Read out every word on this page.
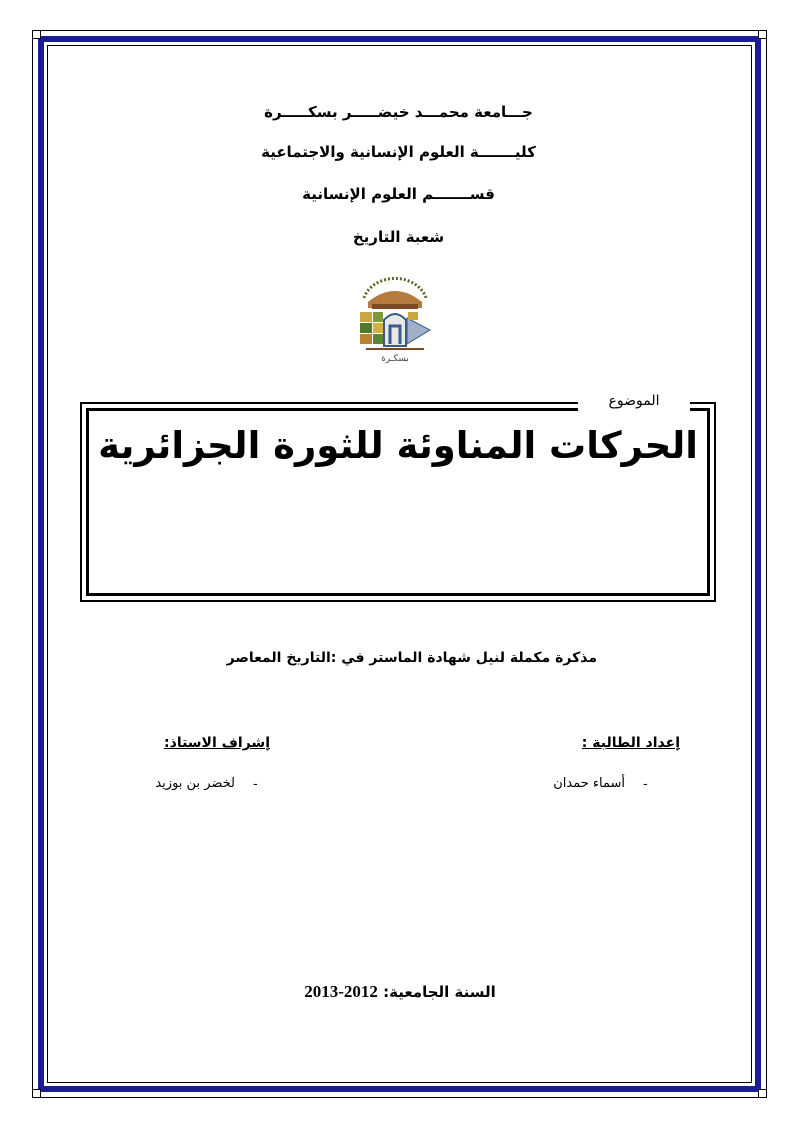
جـــامعة محمـــد خيضـــــر بسكـــــرة
كليـــــــة العلوم الإنسانية والاجتماعية
قســـــــم العلوم الإنسانية
شعبة التاريخ
بسكـرة
الموضوع
الحركات المناوئة للثورة الجزائرية
مذكرة مكملة لنيل شهادة الماستر في :التاريخ المعاصر
إعداد الطالبة :
-
أسماء حمدان
إشراف الاستاذ:
-
لخضر بن بوزيد
السنة الجامعية: 2013-2012
